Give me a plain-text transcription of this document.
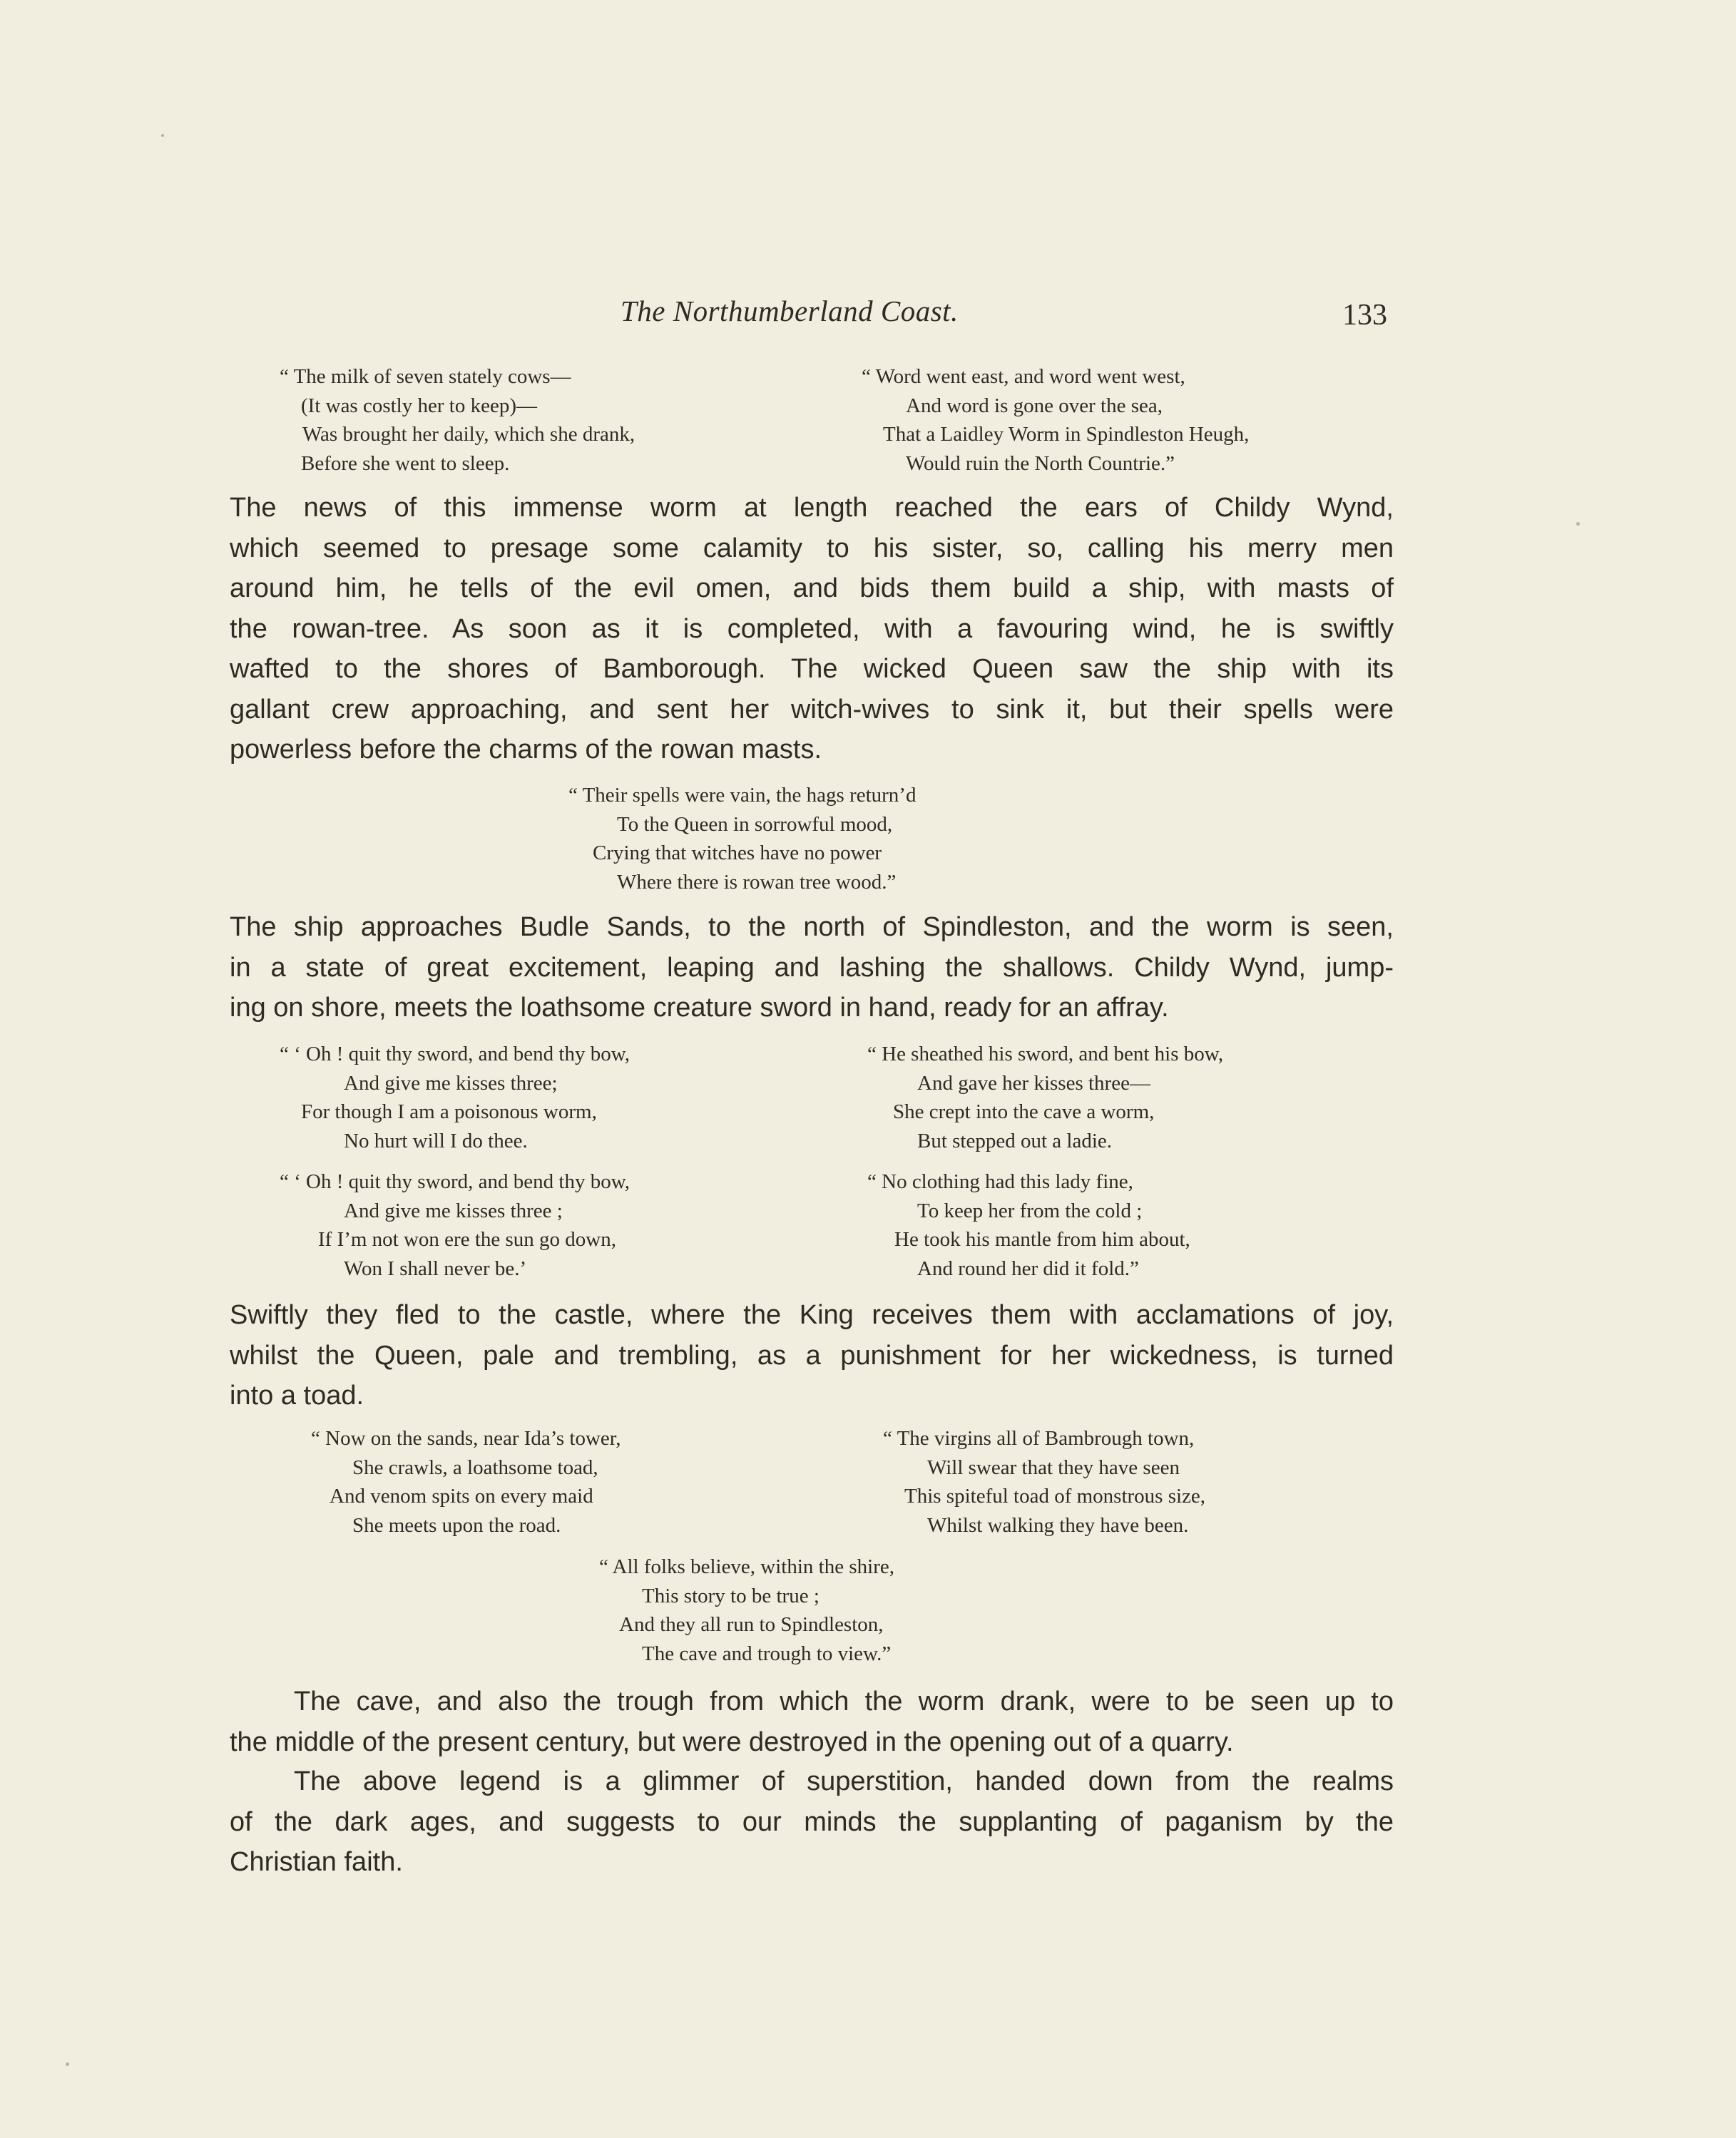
The Northumberland Coast.	133
“ The milk of seven stately cows—
(It was costly her to keep)—
Was brought her daily, which she drank,
Before she went to sleep.
“ Word went east, and word went west,
And word is gone over the sea,
That a Laidley Worm in Spindleston Heugh,
Would ruin the North Countrie.”
The news of this immense worm at length reached the ears of Childy Wynd,
which seemed to presage some calamity to his sister, so, calling his merry men
around him, he tells of the evil omen, and bids them build a ship, with masts of
the rowan-tree. As soon as it is completed, with a favouring wind, he is swiftly
wafted to the shores of Bamborough. The wicked Queen saw the ship with its
gallant crew approaching, and sent her witch-wives to sink it, but their spells were
powerless before the charms of the rowan masts.
“ Their spells were vain, the hags return’d
To the Queen in sorrowful mood,
Crying that witches have no power
Where there is rowan tree wood.”
The ship approaches Budle Sands, to the north of Spindleston, and the worm is seen,
in a state of great excitement, leaping and lashing the shallows. Childy Wynd, jump-
ing on shore, meets the loathsome creature sword in hand, ready for an affray.
“ ‘ Oh ! quit thy sword, and bend thy bow,
And give me kisses three;
For though I am a poisonous worm,
No hurt will I do thee.
“ He sheathed his sword, and bent his bow,
And gave her kisses three—
She crept into the cave a worm,
But stepped out a ladie.
“ ‘ Oh ! quit thy sword, and bend thy bow,
And give me kisses three ;
If I’m not won ere the sun go down,
Won I shall never be.’
“ No clothing had this lady fine,
To keep her from the cold ;
He took his mantle from him about,
And round her did it fold.”
Swiftly they fled to the castle, where the King receives them with acclamations of joy,
whilst the Queen, pale and trembling, as a punishment for her wickedness, is turned
into a toad.
“ Now on the sands, near Ida’s tower,
She crawls, a loathsome toad,
And venom spits on every maid
She meets upon the road.
“ The virgins all of Bambrough town,
Will swear that they have seen
This spiteful toad of monstrous size,
Whilst walking they have been.
“ All folks believe, within the shire,
This story to be true ;
And they all run to Spindleston,
The cave and trough to view.”
The cave, and also the trough from which the worm drank, were to be seen up to
the middle of the present century, but were destroyed in the opening out of a quarry.
The above legend is a glimmer of superstition, handed down from the realms
of the dark ages, and suggests to our minds the supplanting of paganism by the
Christian faith.
